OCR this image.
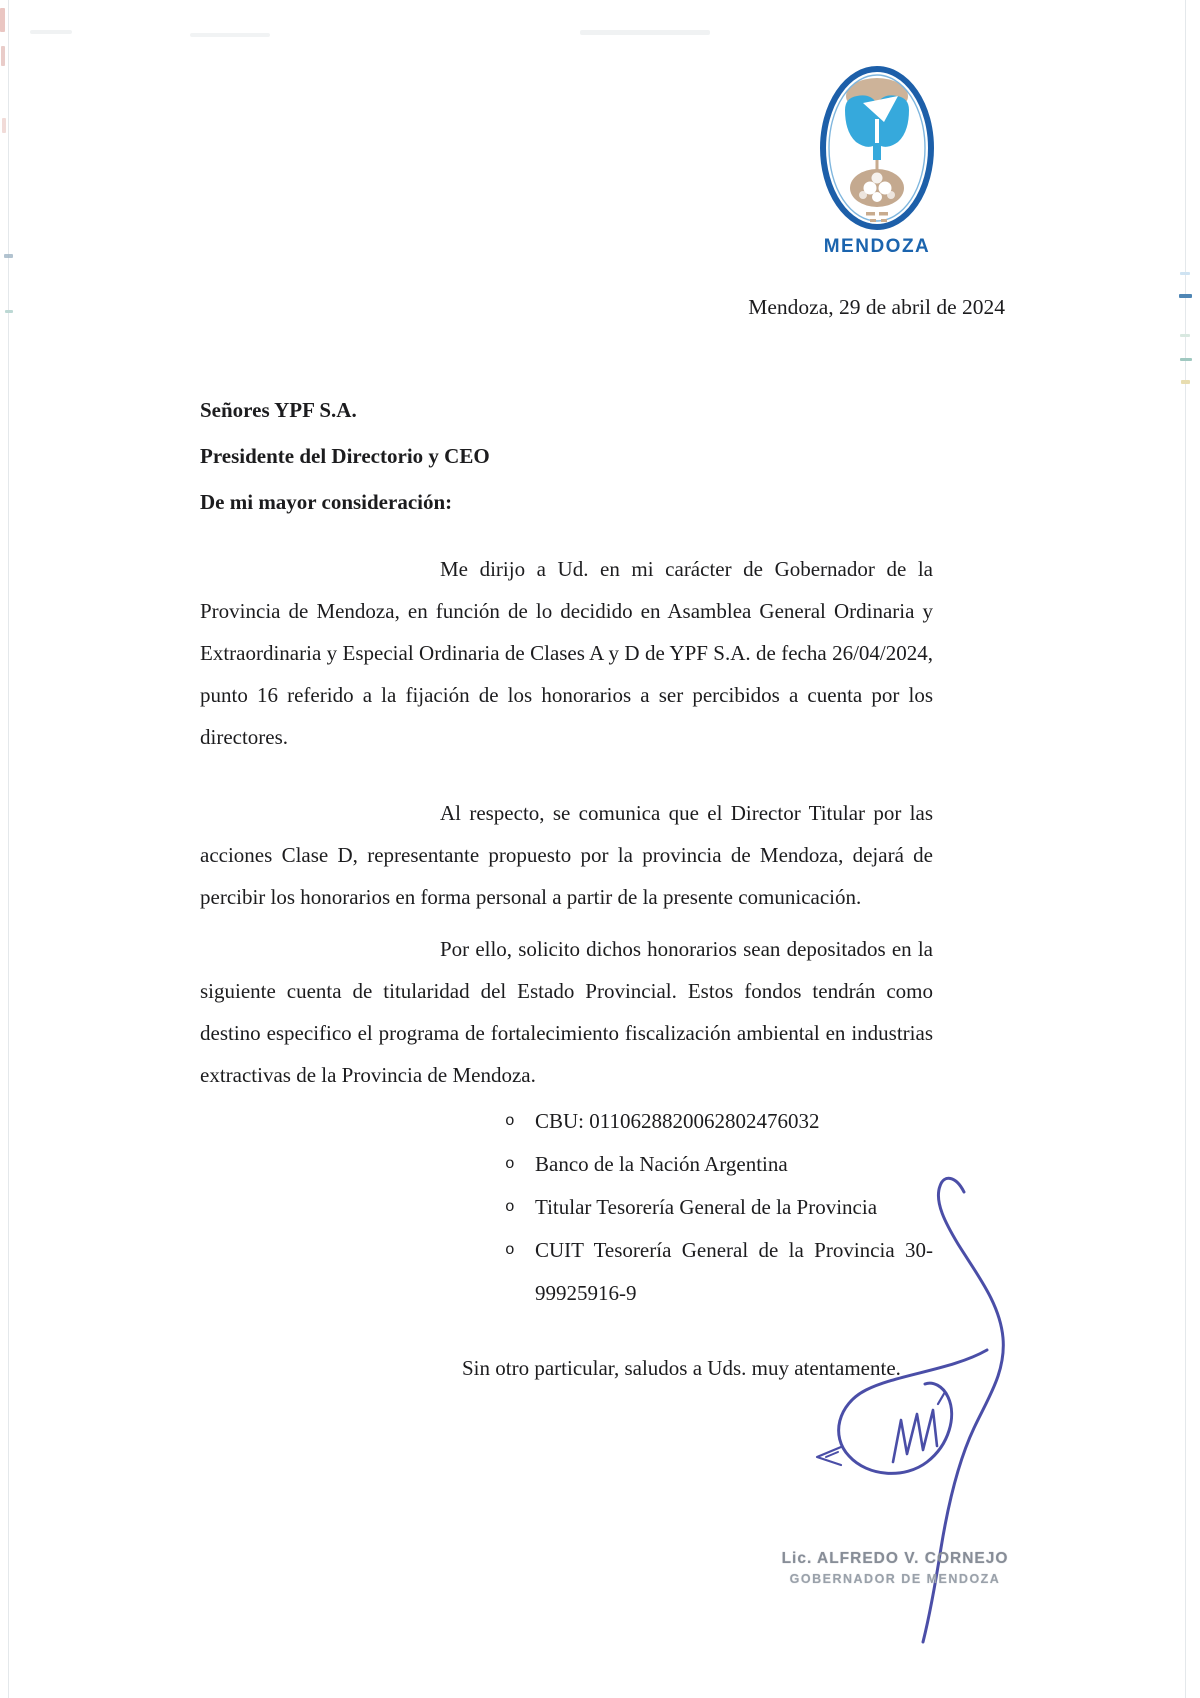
MENDOZA
Mendoza, 29 de abril de 2024
Señores YPF S.A.
Presidente del Directorio y CEO
De mi mayor consideración:
Me dirijo a Ud. en mi carácter de Gobernador de la Provincia de Mendoza, en función de lo decidido en Asamblea General Ordinaria y Extraordinaria y Especial Ordinaria de Clases A y D de YPF S.A. de fecha 26/04/2024, punto 16 referido a la fijación de los honorarios a ser percibidos a cuenta por los directores.
Al respecto, se comunica que el Director Titular por las acciones Clase D, representante propuesto por la provincia de Mendoza, dejará de percibir los honorarios en forma personal a partir de la presente comunicación.
Por ello, solicito dichos honorarios sean depositados en la siguiente cuenta de titularidad del Estado Provincial. Estos fondos tendrán como destino especifico el programa de fortalecimiento fiscalización ambiental en industrias extractivas de la Provincia de Mendoza.
o CBU: 0110628820062802476032
o Banco de la Nación Argentina
o Titular Tesorería General de la Provincia
o CUIT Tesorería General de la Provincia 30-99925916-9
Sin otro particular, saludos a Uds. muy atentamente.
Lic. ALFREDO V. CORNEJO
GOBERNADOR DE MENDOZA
